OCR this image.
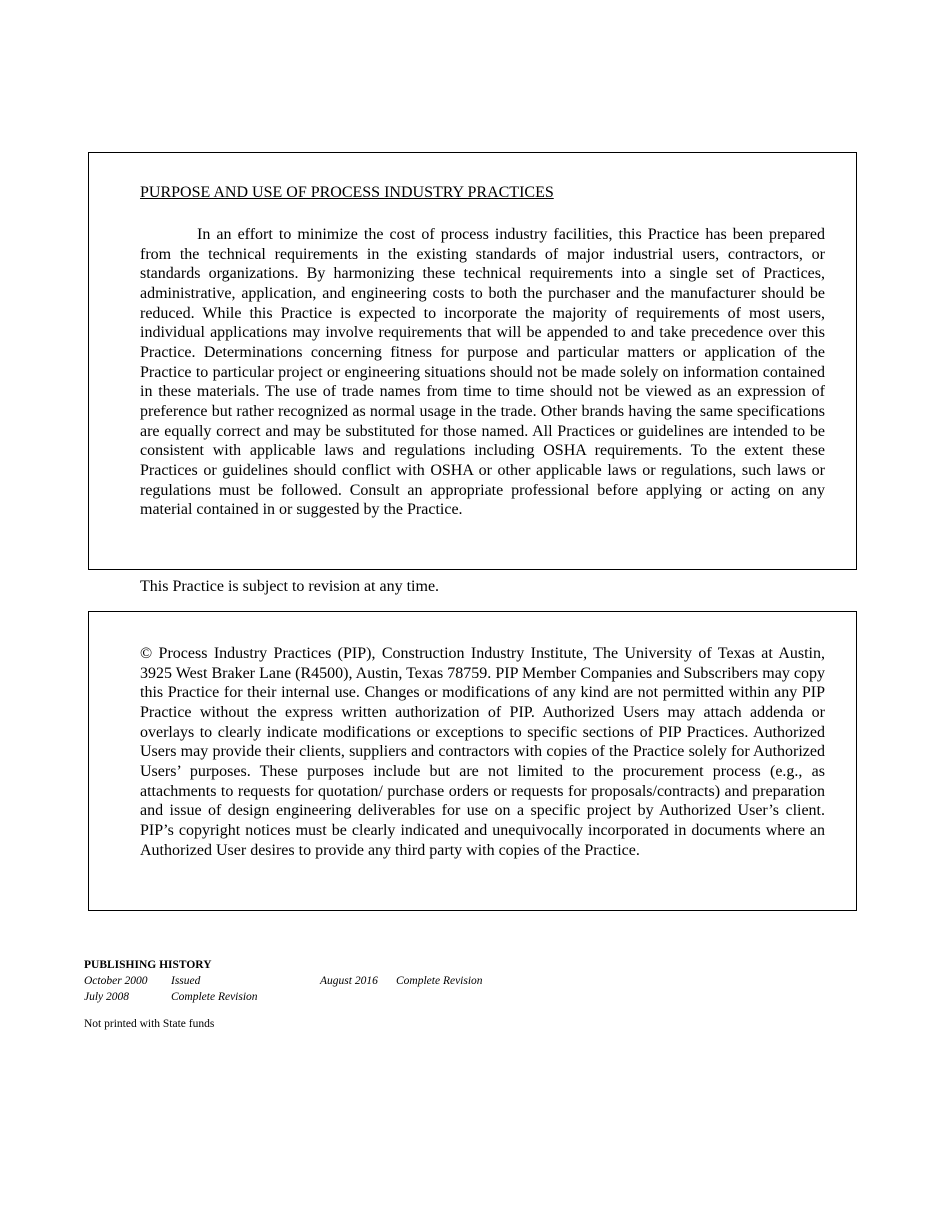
PURPOSE AND USE OF PROCESS INDUSTRY PRACTICES

In an effort to minimize the cost of process industry facilities, this Practice has been prepared from the technical requirements in the existing standards of major industrial users, contractors, or standards organizations. By harmonizing these technical requirements into a single set of Practices, administrative, application, and engineering costs to both the purchaser and the manufacturer should be reduced. While this Practice is expected to incorporate the majority of requirements of most users, individual applications may involve requirements that will be appended to and take precedence over this Practice. Determinations concerning fitness for purpose and particular matters or application of the Practice to particular project or engineering situations should not be made solely on information contained in these materials. The use of trade names from time to time should not be viewed as an expression of preference but rather recognized as normal usage in the trade. Other brands having the same specifications are equally correct and may be substituted for those named. All Practices or guidelines are intended to be consistent with applicable laws and regulations including OSHA requirements. To the extent these Practices or guidelines should conflict with OSHA or other applicable laws or regulations, such laws or regulations must be followed. Consult an appropriate professional before applying or acting on any material contained in or suggested by the Practice.

This Practice is subject to revision at any time.

© Process Industry Practices (PIP), Construction Industry Institute, The University of Texas at Austin, 3925 West Braker Lane (R4500), Austin, Texas 78759. PIP Member Companies and Subscribers may copy this Practice for their internal use. Changes or modifications of any kind are not permitted within any PIP Practice without the express written authorization of PIP. Authorized Users may attach addenda or overlays to clearly indicate modifications or exceptions to specific sections of PIP Practices. Authorized Users may provide their clients, suppliers and contractors with copies of the Practice solely for Authorized Users’ purposes. These purposes include but are not limited to the procurement process (e.g., as attachments to requests for quotation/ purchase orders or requests for proposals/contracts) and preparation and issue of design engineering deliverables for use on a specific project by Authorized User’s client. PIP’s copyright notices must be clearly indicated and unequivocally incorporated in documents where an Authorized User desires to provide any third party with copies of the Practice.

PUBLISHING HISTORY
October 2000 Issued	August 2016 Complete Revision
July 2008	Complete Revision
Not printed with State funds
